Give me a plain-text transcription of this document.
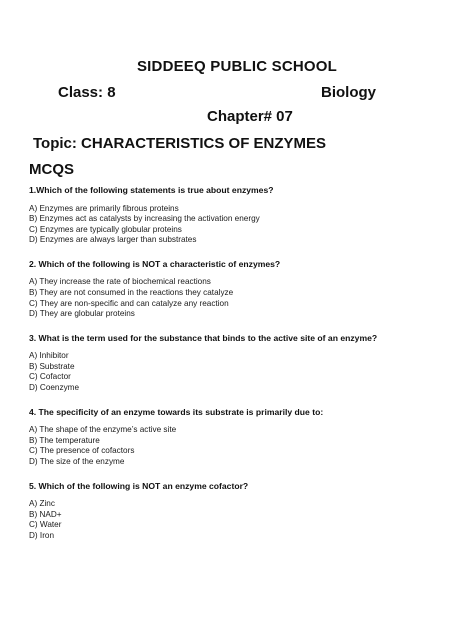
SIDDEEQ PUBLIC SCHOOL
Class: 8	Biology
Chapter# 07
Topic: CHARACTERISTICS OF ENZYMES
MCQS
1.Which of the following statements is true about enzymes?
A) Enzymes are primarily fibrous proteins
B) Enzymes act as catalysts by increasing the activation energy
C) Enzymes are typically globular proteins
D) Enzymes are always larger than substrates
2. Which of the following is NOT a characteristic of enzymes?
A) They increase the rate of biochemical reactions
B) They are not consumed in the reactions they catalyze
C) They are non-specific and can catalyze any reaction
D) They are globular proteins
3. What is the term used for the substance that binds to the active site of an enzyme?
A) Inhibitor
B) Substrate
C) Cofactor
D) Coenzyme
4. The specificity of an enzyme towards its substrate is primarily due to:
A) The shape of the enzyme’s active site
B) The temperature
C) The presence of cofactors
D) The size of the enzyme
5. Which of the following is NOT an enzyme cofactor?
A) Zinc
B) NAD+
C) Water
D) Iron
